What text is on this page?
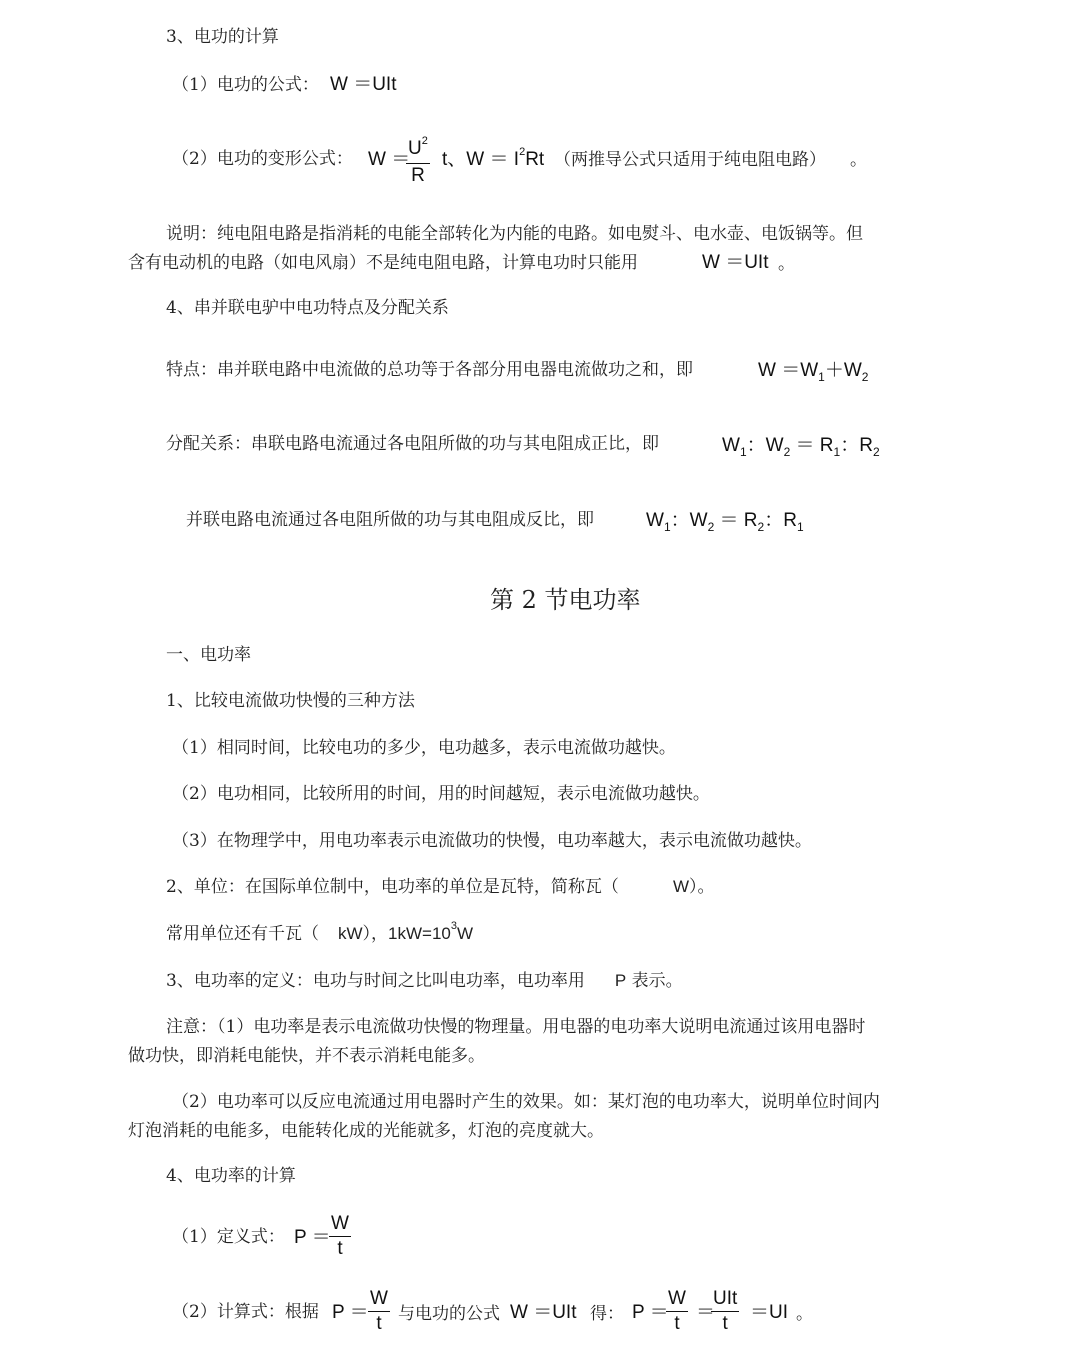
3、电功的计算
（1）电功的公式： W ＝UIt
（2）电功的变形公式： W ＝
$U^2$
R
t、$W = I^2Rt$ （两推导公式只适用于纯电阻电路） 。
说明：纯电阻电路是指消耗的电能全部转化为内能的电路。如电熨斗、电水壶、电饭锅等。但
含有电动机的电路（如电风扇）不是纯电阻电路，计算电功时只能用	W ＝UIt 。
4、串并联电驴中电功特点及分配关系
特点：串并联电路中电流做的总功等于各部分用电器电流做功之和，即	$W =W_1+W_2$
分配关系：串联电路电流通过各电阻所做的功与其电阻成正比，即	$W_1$：$W_2 = R_1$：$R_2$
并联电路电流通过各电阻所做的功与其电阻成反比，即	$W_1$：$W_2 = R_2$：$R_1$
第 2 节电功率
一、电功率
1、比较电流做功快慢的三种方法
（1）相同时间，比较电功的多少，电功越多，表示电流做功越快。
（2）电功相同，比较所用的时间，用的时间越短，表示电流做功越快。
（3）在物理学中，用电功率表示电流做功的快慢，电功率越大，表示电流做功越快。
2、单位：在国际单位制中，电功率的单位是瓦特，简称瓦（	W）。
常用单位还有千瓦（ kW），$1kW=10^3W$
3、电功率的定义：电功与时间之比叫电功率，电功率用 P 表示。
注意：（1）电功率是表示电流做功快慢的物理量。用电器的电功率大说明电流通过该用电器时
做功快，即消耗电能快，并不表示消耗电能多。
（2）电功率可以反应电流通过用电器时产生的效果。如：某灯泡的电功率大，说明单位时间内
灯泡消耗的电能多，电能转化成的光能就多，灯泡的亮度就大。
4、电功率的计算
（1）定义式： P ＝
W
t
（2）计算式：根据 P ＝
W
t 与电功的公式 W ＝UIt 得： P ＝
W
t
＝
UIt
t
＝UI 。
